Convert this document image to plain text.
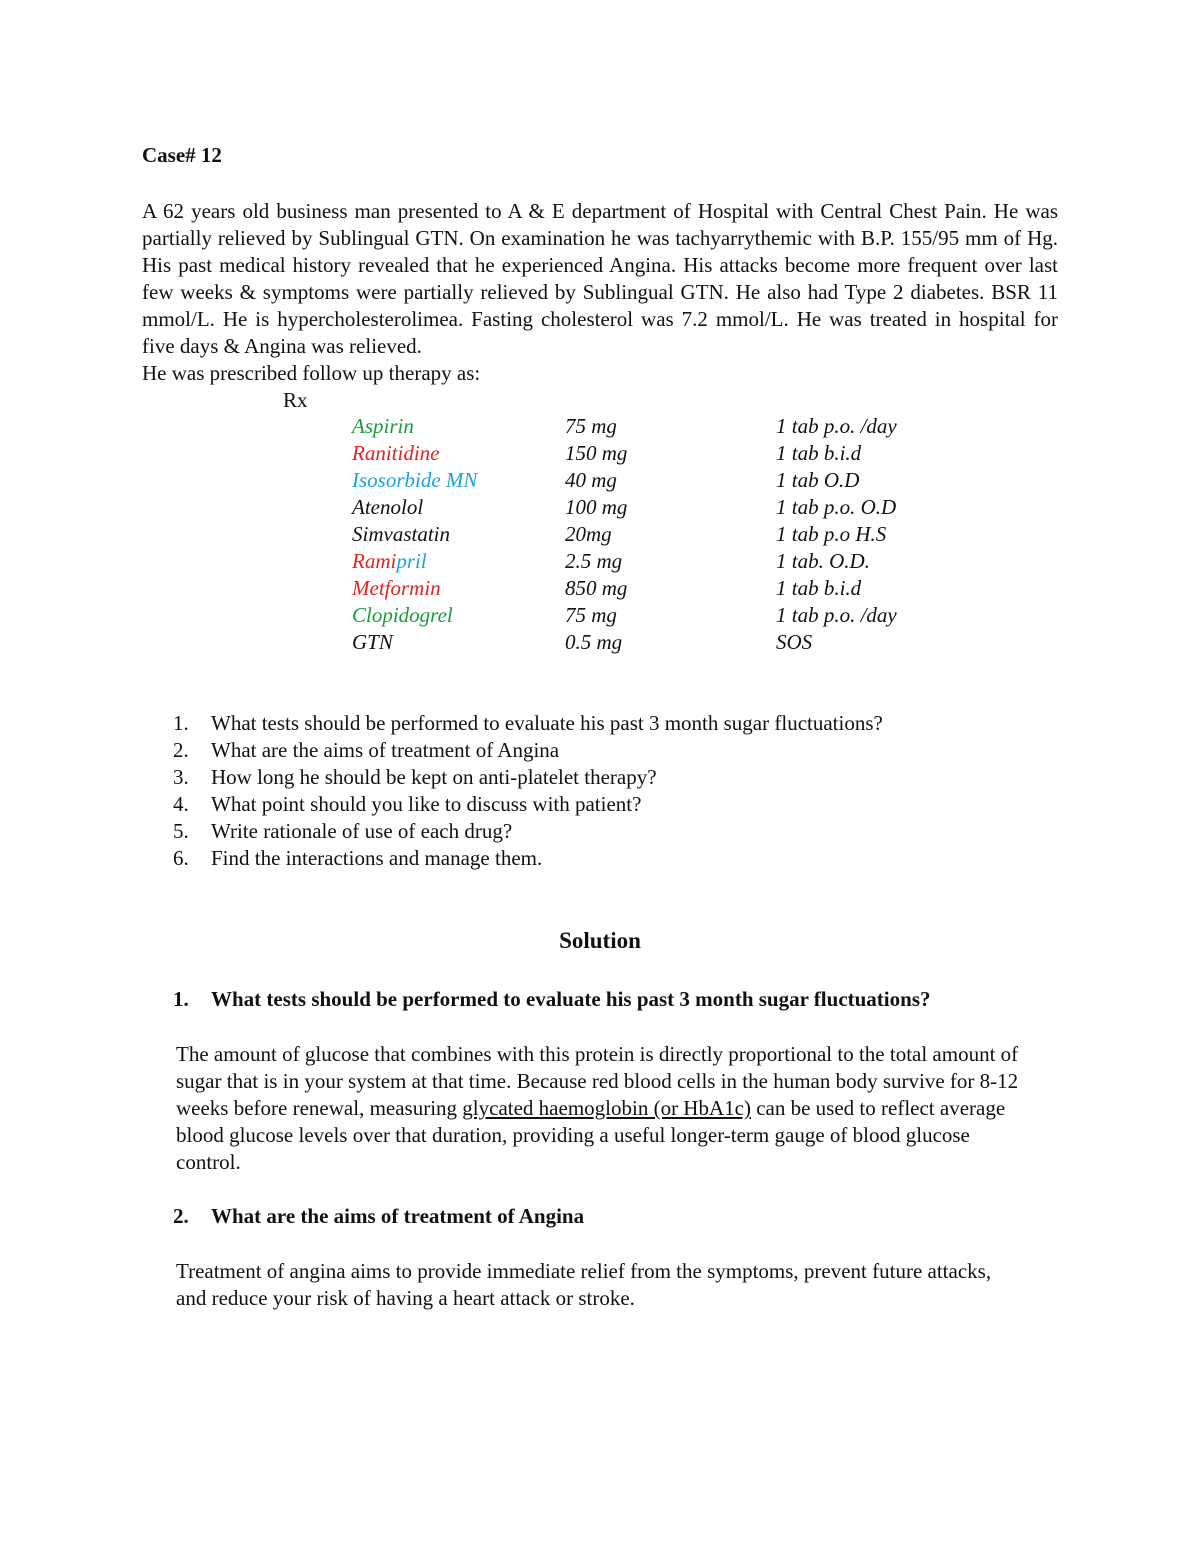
Case# 12

A 62 years old business man presented to A & E department of Hospital with Central Chest Pain. He was partially relieved by Sublingual GTN. On examination he was tachyarrythemic with B.P. 155/95 mm of Hg. His past medical history revealed that he experienced Angina. His attacks become more frequent over last few weeks & symptoms were partially relieved by Sublingual GTN. He also had Type 2 diabetes. BSR 11 mmol/L. He is hypercholesterolimea. Fasting cholesterol was 7.2 mmol/L. He was treated in hospital for five days & Angina was relieved.

He was prescribed follow up therapy as:

Rx

Aspirin	75 mg	1 tab p.o. /day
Ranitidine	150 mg	1 tab b.i.d
Isosorbide MN	40 mg	1 tab O.D
Atenolol	100 mg	1 tab p.o. O.D
Simvastatin	20mg	1 tab p.o H.S
Ramipril	2.5 mg	1 tab. O.D.
Metformin	850 mg	1 tab b.i.d
Clopidogrel	75 mg	1 tab p.o. /day
GTN	0.5 mg	SOS
1. What tests should be performed to evaluate his past 3 month sugar fluctuations?
2. What are the aims of treatment of Angina
3. How long he should be kept on anti-platelet therapy?
4. What point should you like to discuss with patient?
5. Write rationale of use of each drug?
6. Find the interactions and manage them.
Solution

1. What tests should be performed to evaluate his past 3 month sugar fluctuations?

The amount of glucose that combines with this protein is directly proportional to the total amount of sugar that is in your system at that time. Because red blood cells in the human body survive for 8-12 weeks before renewal, measuring glycated haemoglobin (or HbA1c) can be used to reflect average blood glucose levels over that duration, providing a useful longer-term gauge of blood glucose control.

2. What are the aims of treatment of Angina

Treatment of angina aims to provide immediate relief from the symptoms, prevent future attacks, and reduce your risk of having a heart attack or stroke.
